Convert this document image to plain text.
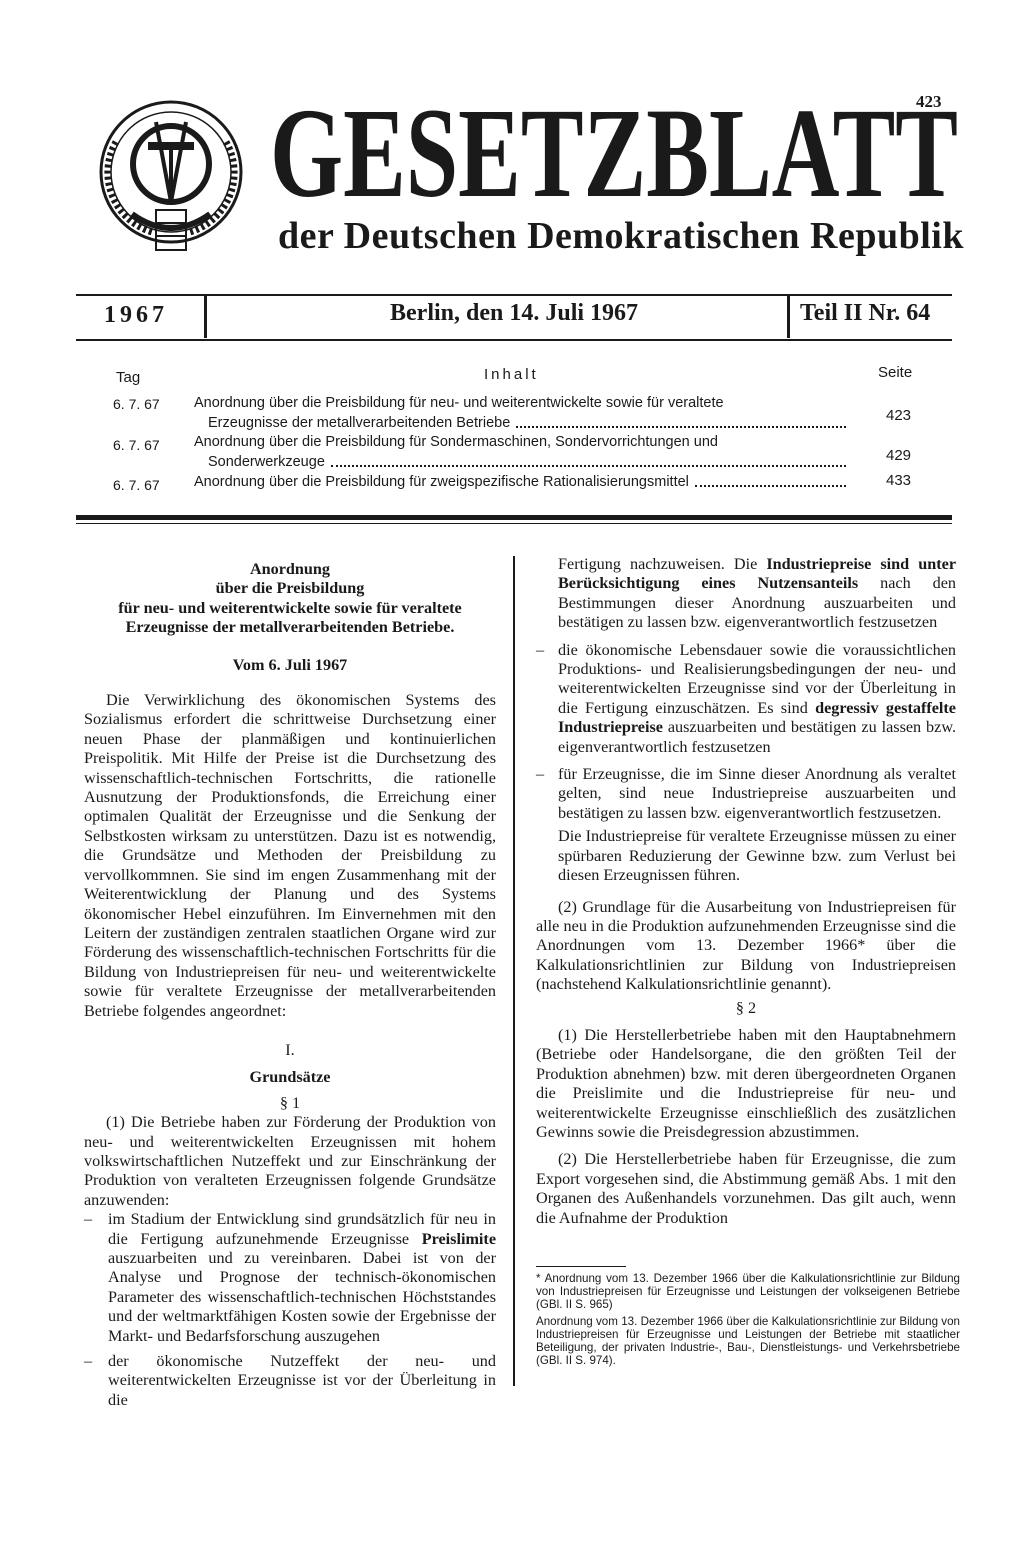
423
GESETZBLATT
der Deutschen Demokratischen Republik
1967	Berlin, den 14. Juli 1967	Teil II Nr. 64
Tag	Inhalt	Seite
6. 7. 67 Anordnung über die Preisbildung für neu- und weiterentwickelte sowie für veraltete
Erzeugnisse der metallverarbeitenden Betriebe	423
6. 7. 67 Anordnung über die Preisbildung für Sondermaschinen, Sondervorrichtungen und
Sonderwerkzeuge	429
6. 7. 67 Anordnung über die Preisbildung für zweigspezifische Rationalisierungsmittel	433

Anordnung

über die Preisbildung

für neu- und weiterentwickelte sowie für veraltete

Erzeugnisse der metallverarbeitenden Betriebe.

Vom 6. Juli 1967

Die Verwirklichung des ökonomischen Systems des Sozialismus erfordert die schrittweise Durchsetzung einer neuen Phase der planmäßigen und kontinuierlichen Preispolitik. Mit Hilfe der Preise ist die Durchsetzung des wissenschaftlich-technischen Fortschritts, die rationelle Ausnutzung der Produktionsfonds, die Erreichung einer optimalen Qualität der Erzeugnisse und die Senkung der Selbstkosten wirksam zu unterstützen. Dazu ist es notwendig, die Grundsätze und Methoden der Preisbildung zu vervollkommnen. Sie sind im engen Zusammenhang mit der Weiterentwicklung der Planung und des Systems ökonomischer Hebel einzuführen. Im Einvernehmen mit den Leitern der zuständigen zentralen staatlichen Organe wird zur Förderung des wissenschaftlich-technischen Fortschritts für die Bildung von Industriepreisen für neu- und weiterentwickelte sowie für veraltete Erzeugnisse der metallverarbeitenden Betriebe folgendes angeordnet:

I.

Grundsätze

§ 1

(1) Die Betriebe haben zur Förderung der Produktion von neu- und weiterentwickelten Erzeugnissen mit hohem volkswirtschaftlichen Nutzeffekt und zur Einschränkung der Produktion von veralteten Erzeugnissen folgende Grundsätze anzuwenden:

– im Stadium der Entwicklung sind grundsätzlich für neu in die Fertigung aufzunehmende Erzeugnisse Preislimite auszuarbeiten und zu vereinbaren. Dabei ist von der Analyse und Prognose der technisch-ökonomischen Parameter des wissenschaftlich-technischen Höchststandes und der weltmarktfähigen Kosten sowie der Ergebnisse der Markt- und Bedarfsforschung auszugehen
– der ökonomische Nutzeffekt der neu- und weiterentwickelten Erzeugnisse ist vor der Überleitung in die
Fertigung nachzuweisen. Die Industriepreise sind unter Berücksichtigung eines Nutzensanteils nach den Bestimmungen dieser Anordnung auszuarbeiten und bestätigen zu lassen bzw. eigenverantwortlich festzusetzen
– die ökonomische Lebensdauer sowie die voraussichtlichen Produktions- und Realisierungsbedingungen der neu- und weiterentwickelten Erzeugnisse sind vor der Überleitung in die Fertigung einzuschätzen. Es sind degressiv gestaffelte Industriepreise auszuarbeiten und bestätigen zu lassen bzw. eigenverantwortlich festzusetzen
– für Erzeugnisse, die im Sinne dieser Anordnung als veraltet gelten, sind neue Industriepreise auszuarbeiten und bestätigen zu lassen bzw. eigenverantwortlich festzusetzen.

Die Industriepreise für veraltete Erzeugnisse müssen zu einer spürbaren Reduzierung der Gewinne bzw. zum Verlust bei diesen Erzeugnissen führen.

(2) Grundlage für die Ausarbeitung von Industriepreisen für alle neu in die Produktion aufzunehmenden Erzeugnisse sind die Anordnungen vom 13. Dezember 1966* über die Kalkulationsrichtlinien zur Bildung von Industriepreisen (nachstehend Kalkulationsrichtlinie genannt).

§ 2

(1) Die Herstellerbetriebe haben mit den Hauptabnehmern (Betriebe oder Handelsorgane, die den größten Teil der Produktion abnehmen) bzw. mit deren übergeordneten Organen die Preislimite und die Industriepreise für neu- und weiterentwickelte Erzeugnisse einschließlich des zusätzlichen Gewinns sowie die Preisdegression abzustimmen.

(2) Die Herstellerbetriebe haben für Erzeugnisse, die zum Export vorgesehen sind, die Abstimmung gemäß Abs. 1 mit den Organen des Außenhandels vorzunehmen. Das gilt auch, wenn die Aufnahme der Produktion

* Anordnung vom 13. Dezember 1966 über die Kalkulationsrichtlinie zur Bildung von Industriepreisen für Erzeugnisse und Leistungen der volkseigenen Betriebe (GBl. II S. 965)

Anordnung vom 13. Dezember 1966 über die Kalkulationsrichtlinie zur Bildung von Industriepreisen für Erzeugnisse und Leistungen der Betriebe mit staatlicher Beteiligung, der privaten Industrie-, Bau-, Dienstleistungs- und Verkehrsbetriebe (GBl. II S. 974).
